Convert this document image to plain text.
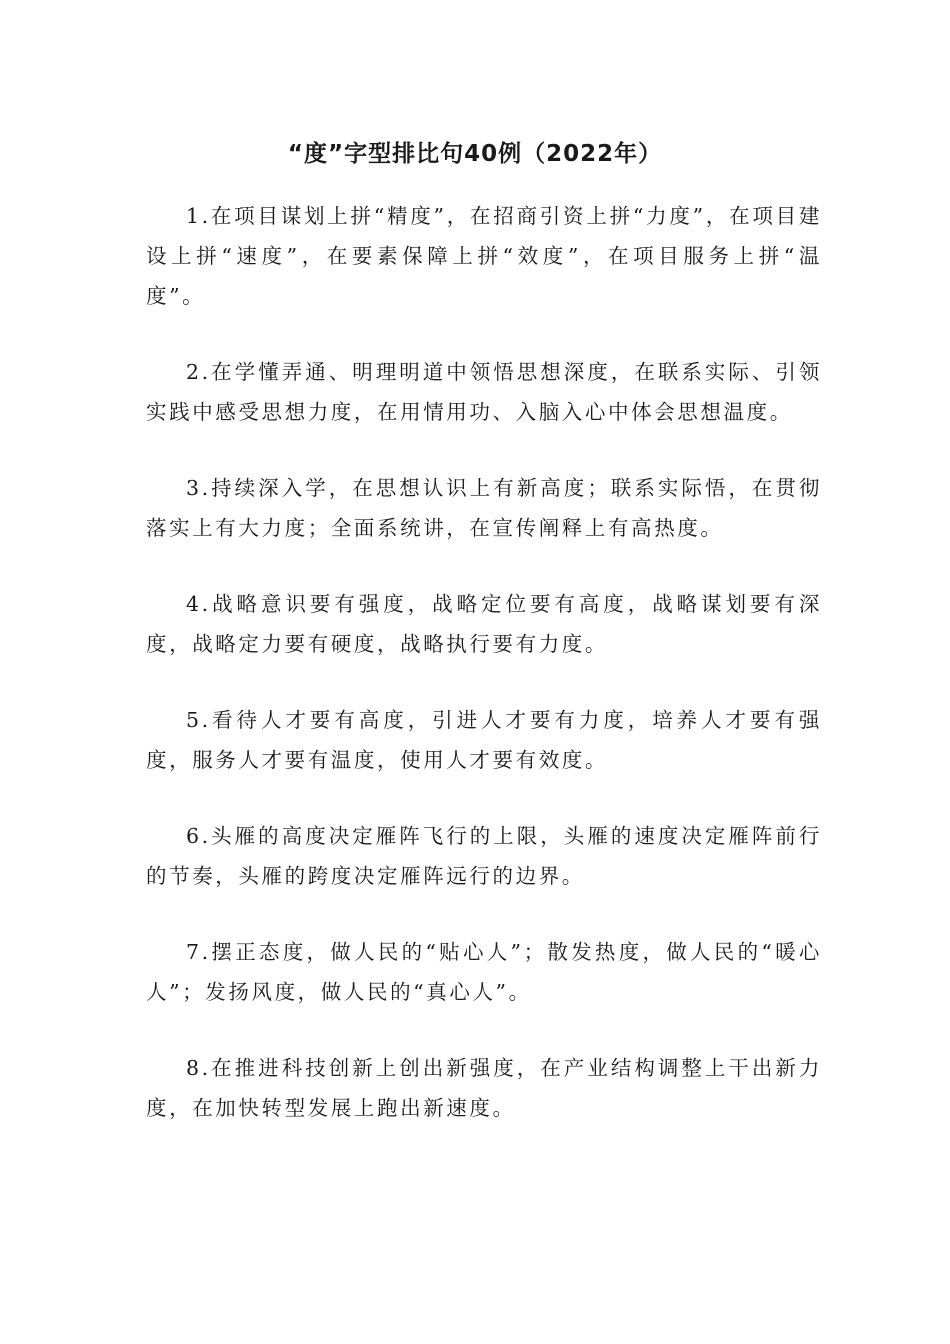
“度”字型排比句40例（2022年）

1.在项目谋划上拼“精度”，在招商引资上拼“力度”，在项目建设上拼“速度”，在要素保障上拼“效度”，在项目服务上拼“温度”。

2.在学懂弄通、明理明道中领悟思想深度，在联系实际、引领实践中感受思想力度，在用情用功、入脑入心中体会思想温度。

3.持续深入学，在思想认识上有新高度；联系实际悟，在贯彻落实上有大力度；全面系统讲，在宣传阐释上有高热度。

4.战略意识要有强度，战略定位要有高度，战略谋划要有深度，战略定力要有硬度，战略执行要有力度。

5.看待人才要有高度，引进人才要有力度，培养人才要有强度，服务人才要有温度，使用人才要有效度。

6.头雁的高度决定雁阵飞行的上限，头雁的速度决定雁阵前行的节奏，头雁的跨度决定雁阵远行的边界。

7.摆正态度，做人民的“贴心人”；散发热度，做人民的“暖心人”；发扬风度，做人民的“真心人”。

8.在推进科技创新上创出新强度，在产业结构调整上干出新力度，在加快转型发展上跑出新速度。
